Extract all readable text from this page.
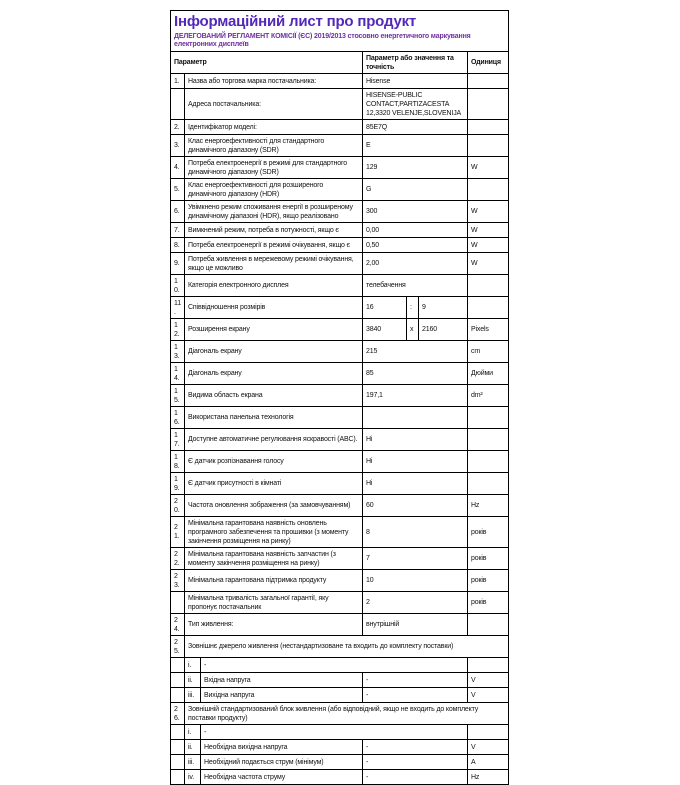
Інформаційний лист про продукт
ДЕЛЕГОВАНИЙ РЕГЛАМЕНТ КОМІСІЇ (ЄС) 2019/2013 стосовно енергетичного маркування електронних дисплеїв						

Параметр			Параметр або значення та точність			Одиниця
1.	Назва або торгова марка постачальника:		Hisense			
	Адреса постачальника:		HISENSE-PUBLIC CONTACT,PARTIZACESTA 12,3320 VELENJE,SLOVENIJA			
2.	Ідентифікатор моделі:		85E7Q			
3.	Клас енергоефективності для стандартного динамічного діапазону (SDR)		E			
4.	Потреба електроенергії в режимі для стандартного динамічного діапазону (SDR)		129			W
5.	Клас енергоефективності для розширеного динамічного діапазону (HDR)		G			
6.	Увімкнено режим споживання енергії в розширеному динамічному діапазоні (HDR), якщо реалізовано		300			W
7.	Вимкнений режим, потреба в потужності, якщо є		0,00			W
8.	Потреба електроенергії в режимі очікування, якщо є		0,50			W
9.	Потреба живлення в мережевому режимі очікування, якщо це можливо		2,00			W
10.	Категорія електронного дисплея		телебачення			
11.	Співвідношення розмірів		16	:	9	
12.	Розширення екрану		3840	x	2160	Pixels
13.	Діагональ екрану		215			cm
14.	Діагональ екрану		85			Дюйми
15.	Видима область екрана		197,1			dm²
16.	Використана панельна технологія					
17.	Доступне автоматичне регулювання яскравості (ABC).		Ні			
18.	Є датчик розпізнавання голосу		Ні			
19.	Є датчик присутності в кімнаті		Ні			
20.	Частота оновлення зображення (за замовчуванням)		60			Hz
21.	Мінімальна гарантована наявність оновлень програмного забезпечення та прошивки (з моменту закінчення розміщення на ринку)		8			років
22.	Мінімальна гарантована наявність запчастин (з моменту закінчення розміщення на ринку)		7			років
23.	Мінімальна гарантована підтримка продукту		10			років
	Мінімальна тривалість загальної гарантії, яку пропонує постачальник		2			років
24.	Тип живлення:		внутрішній			
25.	Зовнішнє джерело живлення (нестандартизоване та входить до комплекту поставки)					
	i.	-				
	ii.	Вхідна напруга	-			V
	iii.	Вихідна напруга	-			V
26.	Зовнішній стандартизований блок живлення (або відповідний, якщо не входить до комплекту поставки продукту)					
	i.	-				
	ii.	Необхідна вихідна напруга	-			V
	iii.	Необхідний подається струм (мінімум)	-			A
	iv.	Необхідна частота струму	-			Hz
